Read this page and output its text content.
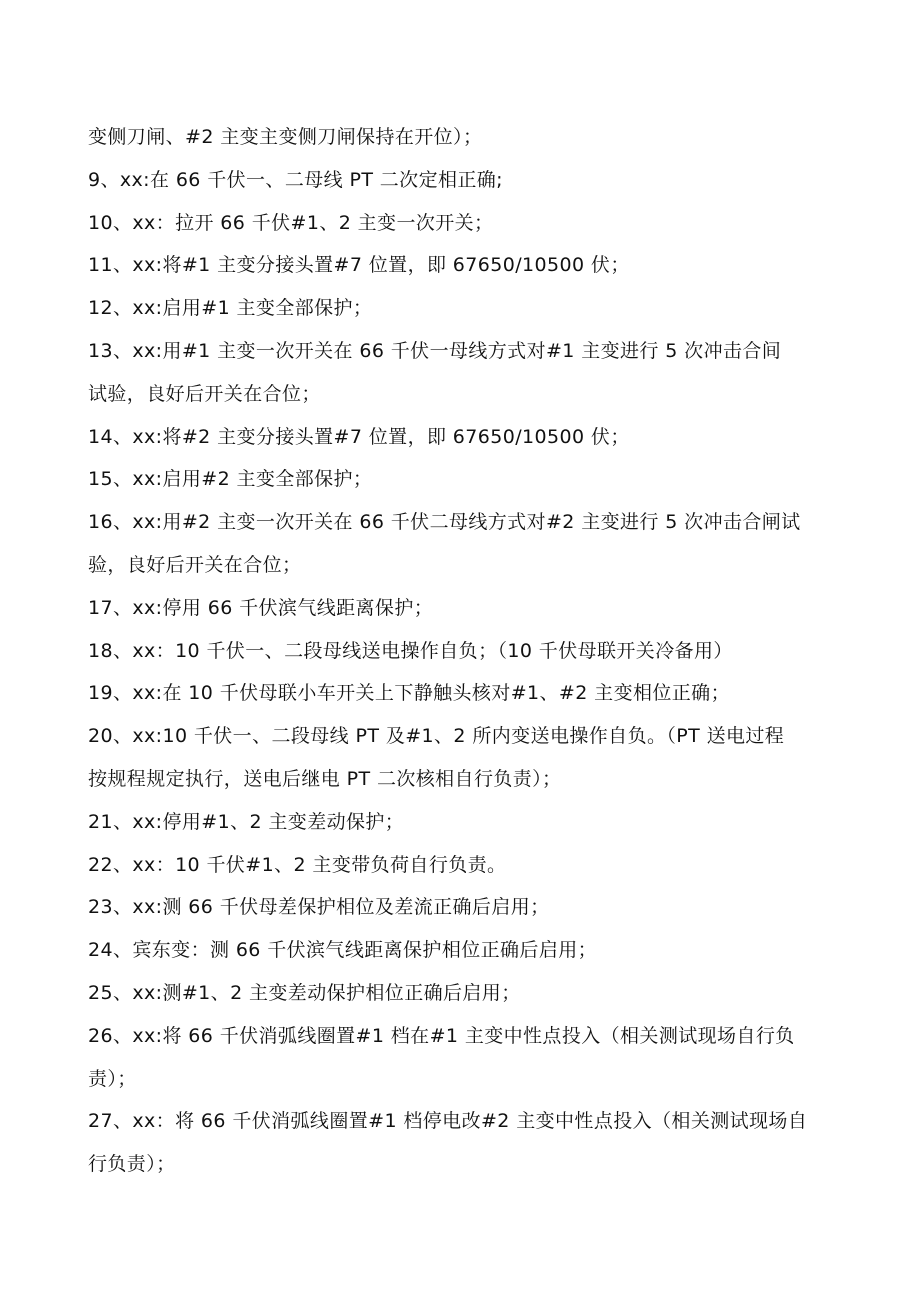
变侧刀闸、#2 主变主变侧刀闸保持在开位）；
9、xx:在 66 千伏一、二母线 PT 二次定相正确;
10、xx：拉开 66 千伏#1、2 主变一次开关；
11、xx:将#1 主变分接头置#7 位置，即 67650/10500 伏；
12、xx:启用#1 主变全部保护；
13、xx:用#1 主变一次开关在 66 千伏一母线方式对#1 主变进行 5 次冲击合间
试验，良好后开关在合位；
14、xx:将#2 主变分接头置#7 位置，即 67650/10500 伏；
15、xx:启用#2 主变全部保护；
16、xx:用#2 主变一次开关在 66 千伏二母线方式对#2 主变进行 5 次冲击合闸试
验，良好后开关在合位；
17、xx:停用 66 千伏滨气线距离保护；
18、xx：10 千伏一、二段母线送电操作自负；（10 千伏母联开关冷备用）
19、xx:在 10 千伏母联小车开关上下静触头核对#1、#2 主变相位正确；
20、xx:10 千伏一、二段母线 PT 及#1、2 所内变送电操作自负。（PT 送电过程
按规程规定执行，送电后继电 PT 二次核相自行负责）；
21、xx:停用#1、2 主变差动保护；
22、xx：10 千伏#1、2 主变带负荷自行负责。
23、xx:测 66 千伏母差保护相位及差流正确后启用；
24、宾东变：测 66 千伏滨气线距离保护相位正确后启用；
25、xx:测#1、2 主变差动保护相位正确后启用；
26、xx:将 66 千伏消弧线圈置#1 档在#1 主变中性点投入（相关测试现场自行负
责）；
27、xx：将 66 千伏消弧线圈置#1 档停电改#2 主变中性点投入（相关测试现场自
行负责）；
